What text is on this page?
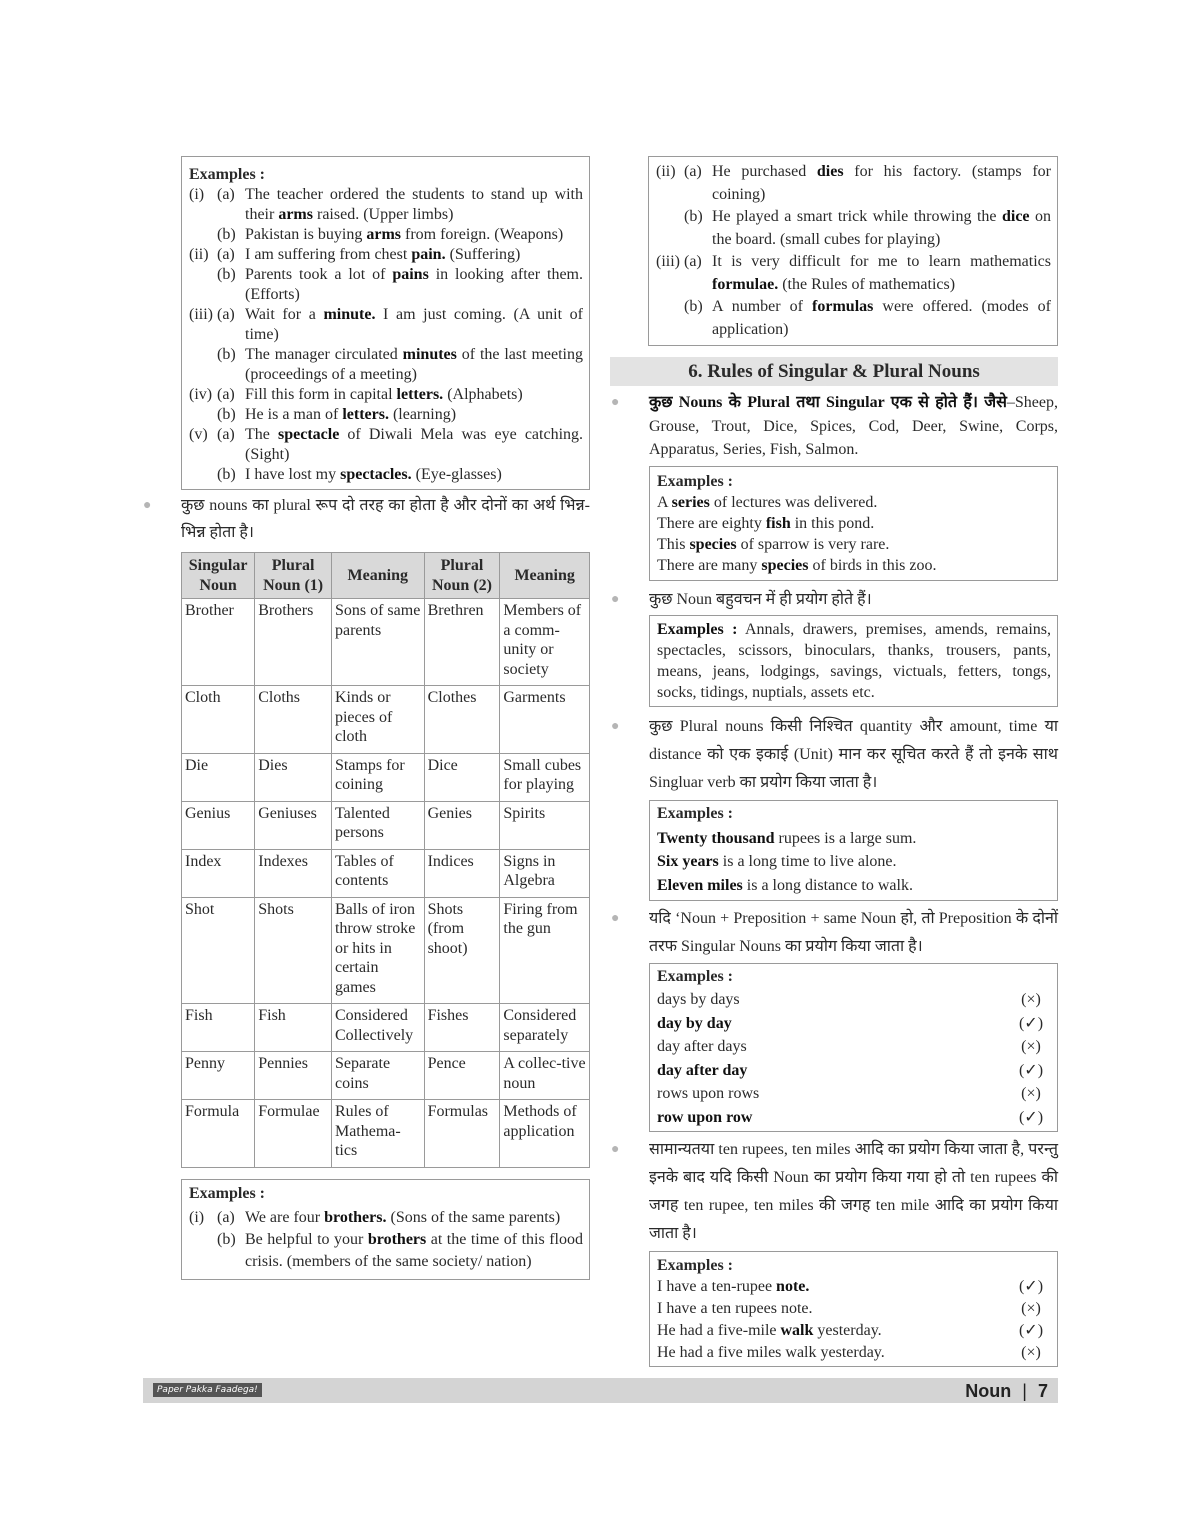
Examples :
(i) (a) The teacher ordered the students to stand up with their arms raised. (Upper limbs)
(b) Pakistan is buying arms from foreign. (Weapons)
(ii) (a) I am suffering from chest pain. (Suffering)
(b) Parents took a lot of pains in looking after them. (Efforts)
(iii) (a) Wait for a minute. I am just coming. (A unit of time)
(b) The manager circulated minutes of the last meeting (proceedings of a meeting)
(iv) (a) Fill this form in capital letters. (Alphabets)
(b) He is a man of letters. (learning)
(v) (a) The spectacle of Diwali Mela was eye catching. (Sight)
(b) I have lost my spectacles. (Eye-glasses)
● कुछ nouns का plural रूप दो तरह का होता है और दोनों का अर्थ भिन्न-भिन्न होता है।
Singular Noun	Plural Noun (1)	Meaning	Plural Noun (2)	Meaning
Brother	Brothers	Sons of same parents	Brethren	Members of a comm-unity or society
Cloth	Cloths	Kinds or pieces of cloth	Clothes	Garments
Die	Dies	Stamps for coining	Dice	Small cubes for playing
Genius	Geniuses	Talented persons	Genies	Spirits
Index	Indexes	Tables of contents	Indices	Signs in Algebra
Shot	Shots	Balls of iron throw stroke or hits in certain games	Shots (from shoot)	Firing from the gun
Fish	Fish	Considered Collectively	Fishes	Considered separately
Penny	Pennies	Separate coins	Pence	A collec-tive noun
Formula	Formulae	Rules of Mathema-tics	Formulas	Methods of application
Examples :
(i) (a) We are four brothers. (Sons of the same parents)
(b) Be helpful to your brothers at the time of this flood crisis. (members of the same society/ nation)
(ii) (a) He purchased dies for his factory. (stamps for coining)
(b) He played a smart trick while throwing the dice on the board. (small cubes for playing)
(iii) (a) It is very difficult for me to learn mathematics formulae. (the Rules of mathematics)
(b) A number of formulas were offered. (modes of application)
6. Rules of Singular & Plural Nouns
● कुछ Nouns के Plural तथा Singular एक से होते हैं। जैसे–Sheep, Grouse, Trout, Dice, Spices, Cod, Deer, Swine, Corps, Apparatus, Series, Fish, Salmon.
Examples :
A series of lectures was delivered.
There are eighty fish in this pond.
This species of sparrow is very rare.
There are many species of birds in this zoo.
● कुछ Noun बहुवचन में ही प्रयोग होते हैं।
Examples : Annals, drawers, premises, amends, remains, spectacles, scissors, binoculars, thanks, trousers, pants, means, jeans, lodgings, savings, victuals, fetters, tongs, socks, tidings, nuptials, assets etc.
● कुछ Plural nouns किसी निश्चित quantity और amount, time या distance को एक इकाई (Unit) मान कर सूचित करते हैं तो इनके साथ Singluar verb का प्रयोग किया जाता है।
Examples :
Twenty thousand rupees is a large sum.
Six years is a long time to live alone.
Eleven miles is a long distance to walk.
● यदि ‘Noun + Preposition + same Noun हो, तो Preposition के दोनों तरफ Singular Nouns का प्रयोग किया जाता है।
Examples :
days by days	(×)
day by day	(✓)
day after days	(×)
day after day	(✓)
rows upon rows	(×)
row upon row	(✓)
● सामान्यतया ten rupees, ten miles आदि का प्रयोग किया जाता है, परन्तु इनके बाद यदि किसी Noun का प्रयोग किया गया हो तो ten rupees की जगह ten rupee, ten miles की जगह ten mile आदि का प्रयोग किया जाता है।
Examples :
I have a ten-rupee note.	(✓)
I have a ten rupees note.	(×)
He had a five-mile walk yesterday.	(✓)
He had a five miles walk yesterday.	(×)
Paper Pakka Faadega!	Noun | 7
